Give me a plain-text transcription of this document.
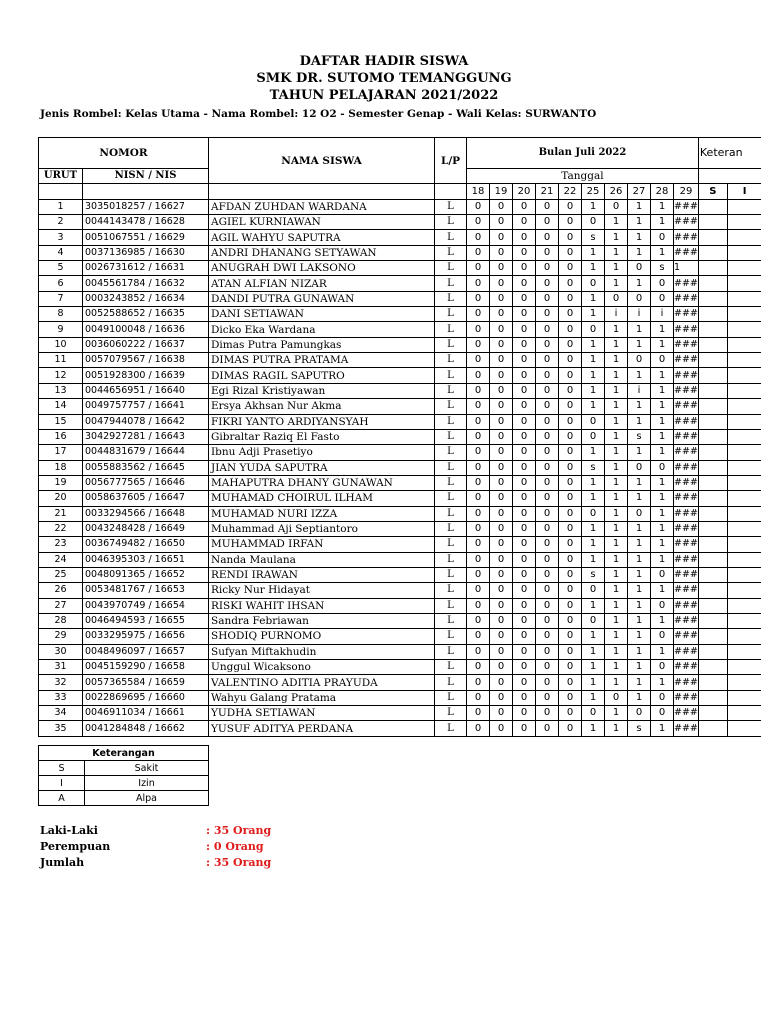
DAFTAR HADIR SISWA
SMK DR. SUTOMO TEMANGGUNG
TAHUN PELAJARAN 2021/2022
Jenis Rombel: Kelas Utama - Nama Rombel: 12 O2 - Semester Genap - Wali Kelas: SURWANTO
NOMOR		NAMA SISWA	L/P	Bulan Juli 2022										Keteran	
URUT	NISN / NIS			Tanggal											
				18	19	20	21	22	25	26	27	28	29	S	I
1	3035018257 / 16627	AFDAN ZUHDAN WARDANA	L	0	0	0	0	0	1	0	1	1	###		
2	0044143478 / 16628	AGIEL KURNIAWAN	L	0	0	0	0	0	0	1	1	1	###		
3	0051067551 / 16629	AGIL WAHYU SAPUTRA	L	0	0	0	0	0	s	1	1	0	###		
4	0037136985 / 16630	ANDRI DHANANG SETYAWAN	L	0	0	0	0	0	1	1	1	1	###		
5	0026731612 / 16631	ANUGRAH DWI LAKSONO	L	0	0	0	0	0	1	1	0	s	1		
6	0045561784 / 16632	ATAN ALFIAN NIZAR	L	0	0	0	0	0	0	1	1	0	###		
7	0003243852 / 16634	DANDI PUTRA GUNAWAN	L	0	0	0	0	0	1	0	0	0	###		
8	0052588652 / 16635	DANI SETIAWAN	L	0	0	0	0	0	1	i	i	i	###		
9	0049100048 / 16636	Dicko Eka Wardana	L	0	0	0	0	0	0	1	1	1	###		
10	0036060222 / 16637	Dimas Putra Pamungkas	L	0	0	0	0	0	1	1	1	1	###		
11	0057079567 / 16638	DIMAS PUTRA PRATAMA	L	0	0	0	0	0	1	1	0	0	###		
12	0051928300 / 16639	DIMAS RAGIL SAPUTRO	L	0	0	0	0	0	1	1	1	1	###		
13	0044656951 / 16640	Egi Rizal Kristiyawan	L	0	0	0	0	0	1	1	i	1	###		
14	0049757757 / 16641	Ersya Akhsan Nur Akma	L	0	0	0	0	0	1	1	1	1	###		
15	0047944078 / 16642	FIKRI YANTO ARDIYANSYAH	L	0	0	0	0	0	0	1	1	1	###		
16	3042927281 / 16643	Gibraltar Raziq El Fasto	L	0	0	0	0	0	0	1	s	1	###		
17	0044831679 / 16644	Ibnu Adji Prasetiyo	L	0	0	0	0	0	1	1	1	1	###		
18	0055883562 / 16645	JIAN YUDA SAPUTRA	L	0	0	0	0	0	s	1	0	0	###		
19	0056777565 / 16646	MAHAPUTRA DHANY GUNAWAN	L	0	0	0	0	0	1	1	1	1	###		
20	0058637605 / 16647	MUHAMAD CHOIRUL ILHAM	L	0	0	0	0	0	1	1	1	1	###		
21	0033294566 / 16648	MUHAMAD NURI IZZA	L	0	0	0	0	0	0	1	0	1	###		
22	0043248428 / 16649	Muhammad Aji Septiantoro	L	0	0	0	0	0	1	1	1	1	###		
23	0036749482 / 16650	MUHAMMAD IRFAN	L	0	0	0	0	0	1	1	1	1	###		
24	0046395303 / 16651	Nanda Maulana	L	0	0	0	0	0	1	1	1	1	###		
25	0048091365 / 16652	RENDI IRAWAN	L	0	0	0	0	0	s	1	1	0	###		
26	0053481767 / 16653	Ricky Nur Hidayat	L	0	0	0	0	0	0	1	1	1	###		
27	0043970749 / 16654	RISKI WAHIT IHSAN	L	0	0	0	0	0	1	1	1	0	###		
28	0046494593 / 16655	Sandra Febriawan	L	0	0	0	0	0	0	1	1	1	###		
29	0033295975 / 16656	SHODIQ PURNOMO	L	0	0	0	0	0	1	1	1	0	###		
30	0048496097 / 16657	Sufyan Miftakhudin	L	0	0	0	0	0	1	1	1	1	###		
31	0045159290 / 16658	Unggul Wicaksono	L	0	0	0	0	0	1	1	1	0	###		
32	0057365584 / 16659	VALENTINO ADITIA PRAYUDA	L	0	0	0	0	0	1	1	1	1	###		
33	0022869695 / 16660	Wahyu Galang Pratama	L	0	0	0	0	0	1	0	1	0	###		
34	0046911034 / 16661	YUDHA SETIAWAN	L	0	0	0	0	0	0	1	0	0	###		
35	0041284848 / 16662	YUSUF ADITYA PERDANA	L	0	0	0	0	0	1	1	s	1	###		
Keterangan	
S	Sakit
I	Izin
A	Alpa
Laki-Laki	: 35 Orang
Perempuan	: 0 Orang
Jumlah	: 35 Orang
